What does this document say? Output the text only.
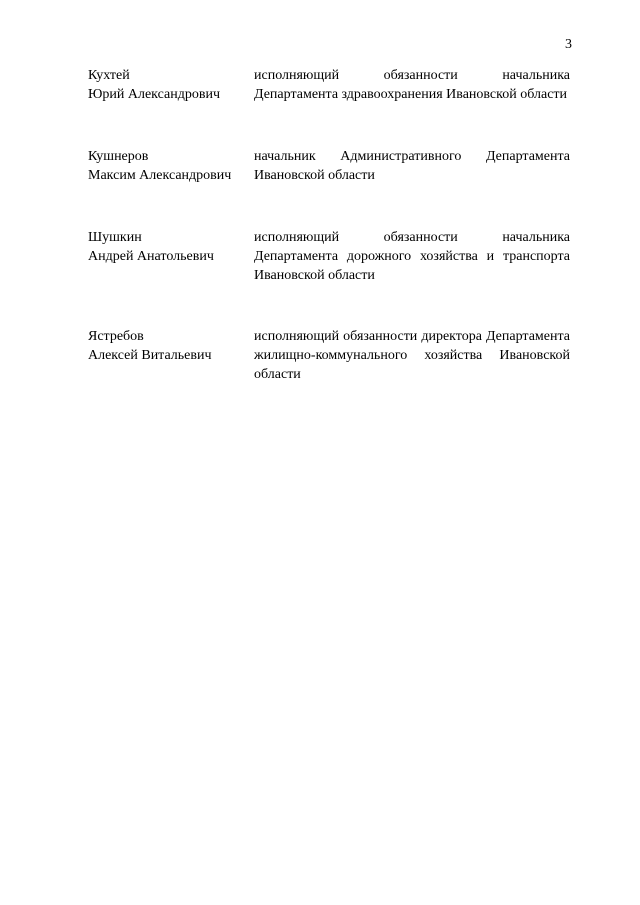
3
Кухтей
Юрий Александрович
исполняющий обязанности начальника Департамента здравоохранения Ивановской области
Кушнеров
Максим Александрович
начальник Административного Департамента Ивановской области
Шушкин
Андрей Анатольевич
исполняющий обязанности начальника Департамента дорожного хозяйства и транспорта Ивановской области
Ястребов
Алексей Витальевич
исполняющий обязанности директора Департамента жилищно-коммунального хозяйства Ивановской области
